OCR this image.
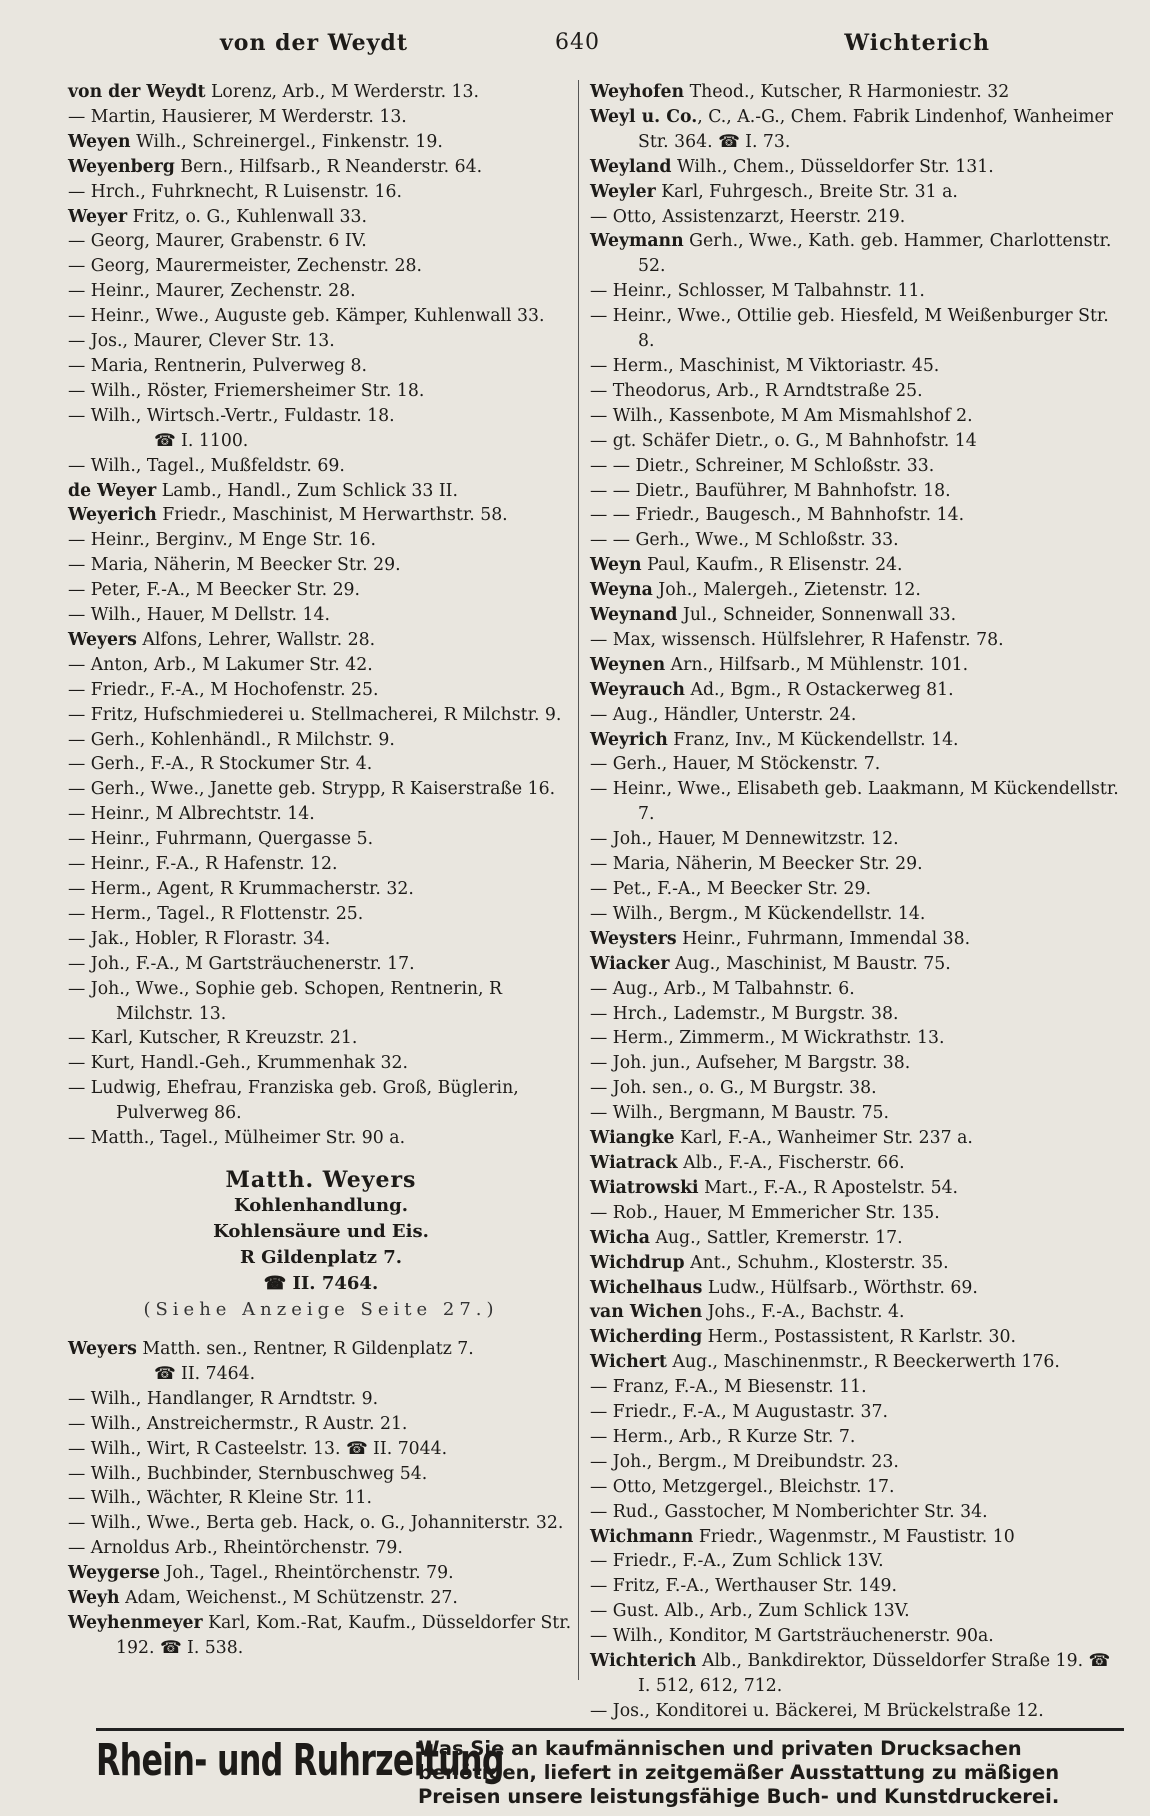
von der Weydt	640	Wichterich
von der Weydt Lorenz, Arb., M Werderstr. 13.
— Martin, Hausierer, M Werderstr. 13.
Weyen Wilh., Schreinergel., Finkenstr. 19.
Weyenberg Bern., Hilfsarb., R Neanderstr. 64.
— Hrch., Fuhrknecht, R Luisenstr. 16.
Weyer Fritz, o. G., Kuhlenwall 33.
— Georg, Maurer, Grabenstr. 6 IV.
— Georg, Maurermeister, Zechenstr. 28.
— Heinr., Maurer, Zechenstr. 28.
— Heinr., Wwe., Auguste geb. Kämper, Kuhlenwall 33.
— Jos., Maurer, Clever Str. 13.
— Maria, Rentnerin, Pulverweg 8.
— Wilh., Röster, Friemersheimer Str. 18.
— Wilh., Wirtsch.-Vertr., Fuldastr. 18.
☎ I. 1100.
— Wilh., Tagel., Mußfeldstr. 69.
de Weyer Lamb., Handl., Zum Schlick 33 II.
Weyerich Friedr., Maschinist, M Herwarthstr. 58.
— Heinr., Berginv., M Enge Str. 16.
— Maria, Näherin, M Beecker Str. 29.
— Peter, F.-A., M Beecker Str. 29.
— Wilh., Hauer, M Dellstr. 14.
Weyers Alfons, Lehrer, Wallstr. 28.
— Anton, Arb., M Lakumer Str. 42.
— Friedr., F.-A., M Hochofenstr. 25.
— Fritz, Hufschmiederei u. Stellmacherei, R Milchstr. 9.
— Gerh., Kohlenhändl., R Milchstr. 9.
— Gerh., F.-A., R Stockumer Str. 4.
— Gerh., Wwe., Janette geb. Strypp, R Kaiserstraße 16.
— Heinr., M Albrechtstr. 14.
— Heinr., Fuhrmann, Quergasse 5.
— Heinr., F.-A., R Hafenstr. 12.
— Herm., Agent, R Krummacherstr. 32.
— Herm., Tagel., R Flottenstr. 25.
— Jak., Hobler, R Florastr. 34.
— Joh., F.-A., M Gartsträuchenerstr. 17.
— Joh., Wwe., Sophie geb. Schopen, Rentnerin, R Milchstr. 13.
— Karl, Kutscher, R Kreuzstr. 21.
— Kurt, Handl.-Geh., Krummenhak 32.
— Ludwig, Ehefrau, Franziska geb. Groß, Büglerin, Pulverweg 86.
— Matth., Tagel., Mülheimer Str. 90 a.
Matth. Weyers
Kohlenhandlung.
Kohlensäure und Eis.
R Gildenplatz 7.
☎ II. 7464.
(Siehe Anzeige Seite 27.)
Weyers Matth. sen., Rentner, R Gildenplatz 7.
☎ II. 7464.
— Wilh., Handlanger, R Arndtstr. 9.
— Wilh., Anstreichermstr., R Austr. 21.
— Wilh., Wirt, R Casteelstr. 13. ☎ II. 7044.
— Wilh., Buchbinder, Sternbuschweg 54.
— Wilh., Wächter, R Kleine Str. 11.
— Wilh., Wwe., Berta geb. Hack, o. G., Johanniterstr. 32.
— Arnoldus Arb., Rheintörchenstr. 79.
Weygerse Joh., Tagel., Rheintörchenstr. 79.
Weyh Adam, Weichenst., M Schützenstr. 27.
Weyhenmeyer Karl, Kom.-Rat, Kaufm., Düsseldorfer Str. 192. ☎ I. 538.
Weyhofen Theod., Kutscher, R Harmoniestr. 32
Weyl u. Co., C., A.-G., Chem. Fabrik Lindenhof, Wanheimer Str. 364. ☎ I. 73.
Weyland Wilh., Chem., Düsseldorfer Str. 131.
Weyler Karl, Fuhrgesch., Breite Str. 31 a.
— Otto, Assistenzarzt, Heerstr. 219.
Weymann Gerh., Wwe., Kath. geb. Hammer, Charlottenstr. 52.
— Heinr., Schlosser, M Talbahnstr. 11.
— Heinr., Wwe., Ottilie geb. Hiesfeld, M Weißenburger Str. 8.
— Herm., Maschinist, M Viktoriastr. 45.
— Theodorus, Arb., R Arndtstraße 25.
— Wilh., Kassenbote, M Am Mismahlshof 2.
— gt. Schäfer Dietr., o. G., M Bahnhofstr. 14
— — Dietr., Schreiner, M Schloßstr. 33.
— — Dietr., Bauführer, M Bahnhofstr. 18.
— — Friedr., Baugesch., M Bahnhofstr. 14.
— — Gerh., Wwe., M Schloßstr. 33.
Weyn Paul, Kaufm., R Elisenstr. 24.
Weyna Joh., Malergeh., Zietenstr. 12.
Weynand Jul., Schneider, Sonnenwall 33.
— Max, wissensch. Hülfslehrer, R Hafenstr. 78.
Weynen Arn., Hilfsarb., M Mühlenstr. 101.
Weyrauch Ad., Bgm., R Ostackerweg 81.
— Aug., Händler, Unterstr. 24.
Weyrich Franz, Inv., M Kückendellstr. 14.
— Gerh., Hauer, M Stöckenstr. 7.
— Heinr., Wwe., Elisabeth geb. Laakmann, M Kückendellstr. 7.
— Joh., Hauer, M Dennewitzstr. 12.
— Maria, Näherin, M Beecker Str. 29.
— Pet., F.-A., M Beecker Str. 29.
— Wilh., Bergm., M Kückendellstr. 14.
Weysters Heinr., Fuhrmann, Immendal 38.
Wiacker Aug., Maschinist, M Baustr. 75.
— Aug., Arb., M Talbahnstr. 6.
— Hrch., Lademstr., M Burgstr. 38.
— Herm., Zimmerm., M Wickrathstr. 13.
— Joh. jun., Aufseher, M Bargstr. 38.
— Joh. sen., o. G., M Burgstr. 38.
— Wilh., Bergmann, M Baustr. 75.
Wiangke Karl, F.-A., Wanheimer Str. 237 a.
Wiatrack Alb., F.-A., Fischerstr. 66.
Wiatrowski Mart., F.-A., R Apostelstr. 54.
— Rob., Hauer, M Emmericher Str. 135.
Wicha Aug., Sattler, Kremerstr. 17.
Wichdrup Ant., Schuhm., Klosterstr. 35.
Wichelhaus Ludw., Hülfsarb., Wörthstr. 69.
van Wichen Johs., F.-A., Bachstr. 4.
Wicherding Herm., Postassistent, R Karlstr. 30.
Wichert Aug., Maschinenmstr., R Beeckerwerth 176.
— Franz, F.-A., M Biesenstr. 11.
— Friedr., F.-A., M Augustastr. 37.
— Herm., Arb., R Kurze Str. 7.
— Joh., Bergm., M Dreibundstr. 23.
— Otto, Metzgergel., Bleichstr. 17.
— Rud., Gasstocher, M Nomberichter Str. 34.
Wichmann Friedr., Wagenmstr., M Faustistr. 10
— Friedr., F.-A., Zum Schlick 13V.
— Fritz, F.-A., Werthauser Str. 149.
— Gust. Alb., Arb., Zum Schlick 13V.
— Wilh., Konditor, M Gartsträuchenerstr. 90a.
Wichterich Alb., Bankdirektor, Düsseldorfer Straße 19. ☎ I. 512, 612, 712.
— Jos., Konditorei u. Bäckerei, M Brückelstraße 12.
Rhein- und Ruhrzeitung
Was Sie an kaufmännischen und privaten Drucksachen benötigen, liefert in zeitgemäßer Ausstattung zu mäßigen Preisen unsere leistungsfähige Buch- und Kunstdruckerei.
